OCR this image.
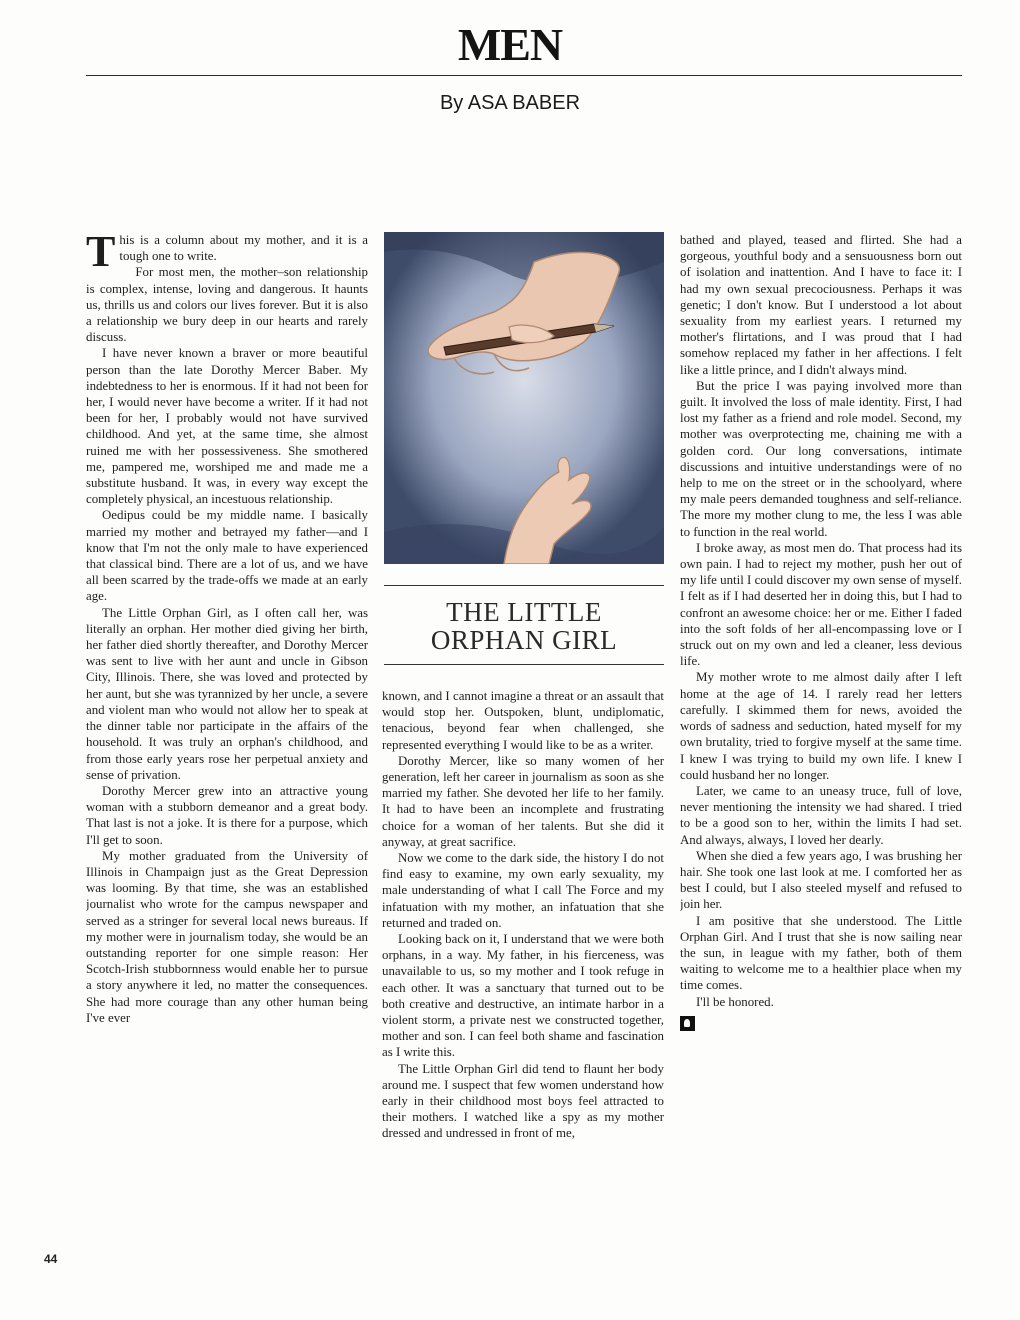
MEN
By ASA BABER

This is a column about my mother, and it is a tough one to write.

For most men, the mother–son relationship is complex, intense, loving and dangerous. It haunts us, thrills us and colors our lives forever. But it is also a relationship we bury deep in our hearts and rarely discuss.

I have never known a braver or more beautiful person than the late Dorothy Mercer Baber. My indebtedness to her is enormous. If it had not been for her, I would never have become a writer. If it had not been for her, I probably would not have survived childhood. And yet, at the same time, she almost ruined me with her possessiveness. She smothered me, pampered me, worshiped me and made me a substitute husband. It was, in every way except the completely physical, an incestuous relationship.

Oedipus could be my middle name. I basically married my mother and betrayed my father—and I know that I'm not the only male to have experienced that classical bind. There are a lot of us, and we have all been scarred by the trade-offs we made at an early age.

The Little Orphan Girl, as I often call her, was literally an orphan. Her mother died giving her birth, her father died shortly thereafter, and Dorothy Mercer was sent to live with her aunt and uncle in Gibson City, Illinois. There, she was loved and protected by her aunt, but she was tyrannized by her uncle, a severe and violent man who would not allow her to speak at the dinner table nor participate in the affairs of the household. It was truly an orphan's childhood, and from those early years rose her perpetual anxiety and sense of privation.

Dorothy Mercer grew into an attractive young woman with a stubborn demeanor and a great body. That last is not a joke. It is there for a purpose, which I'll get to soon.

My mother graduated from the University of Illinois in Champaign just as the Great Depression was looming. By that time, she was an established journalist who wrote for the campus newspaper and served as a stringer for several local news bureaus. If my mother were in journalism today, she would be an outstanding reporter for one simple reason: Her Scotch-Irish stubbornness would enable her to pursue a story anywhere it led, no matter the consequences. She had more courage than any other human being I've ever

THE LITTLE
ORPHAN GIRL

known, and I cannot imagine a threat or an assault that would stop her. Outspoken, blunt, undiplomatic, tenacious, beyond fear when challenged, she represented everything I would like to be as a writer.

Dorothy Mercer, like so many women of her generation, left her career in journalism as soon as she married my father. She devoted her life to her family. It had to have been an incomplete and frustrating choice for a woman of her talents. But she did it anyway, at great sacrifice.

Now we come to the dark side, the history I do not find easy to examine, my own early sexuality, my male understanding of what I call The Force and my infatuation with my mother, an infatuation that she returned and traded on.

Looking back on it, I understand that we were both orphans, in a way. My father, in his fierceness, was unavailable to us, so my mother and I took refuge in each other. It was a sanctuary that turned out to be both creative and destructive, an intimate harbor in a violent storm, a private nest we constructed together, mother and son. I can feel both shame and fascination as I write this.

The Little Orphan Girl did tend to flaunt her body around me. I suspect that few women understand how early in their childhood most boys feel attracted to their mothers. I watched like a spy as my mother dressed and undressed in front of me,

bathed and played, teased and flirted. She had a gorgeous, youthful body and a sensuousness born out of isolation and inattention. And I have to face it: I had my own sexual precociousness. Perhaps it was genetic; I don't know. But I understood a lot about sexuality from my earliest years. I returned my mother's flirtations, and I was proud that I had somehow replaced my father in her affections. I felt like a little prince, and I didn't always mind.

But the price I was paying involved more than guilt. It involved the loss of male identity. First, I had lost my father as a friend and role model. Second, my mother was overprotecting me, chaining me with a golden cord. Our long conversations, intimate discussions and intuitive understandings were of no help to me on the street or in the schoolyard, where my male peers demanded toughness and self-reliance. The more my mother clung to me, the less I was able to function in the real world.

I broke away, as most men do. That process had its own pain. I had to reject my mother, push her out of my life until I could discover my own sense of myself. I felt as if I had deserted her in doing this, but I had to confront an awesome choice: her or me. Either I faded into the soft folds of her all-encompassing love or I struck out on my own and led a cleaner, less devious life.

My mother wrote to me almost daily after I left home at the age of 14. I rarely read her letters carefully. I skimmed them for news, avoided the words of sadness and seduction, hated myself for my own brutality, tried to forgive myself at the same time. I knew I was trying to build my own life. I knew I could husband her no longer.

Later, we came to an uneasy truce, full of love, never mentioning the intensity we had shared. I tried to be a good son to her, within the limits I had set. And always, always, I loved her dearly.

When she died a few years ago, I was brushing her hair. She took one last look at me. I comforted her as best I could, but I also steeled myself and refused to join her.

I am positive that she understood. The Little Orphan Girl. And I trust that she is now sailing near the sun, in league with my father, both of them waiting to welcome me to a healthier place when my time comes.

I'll be honored.

44
